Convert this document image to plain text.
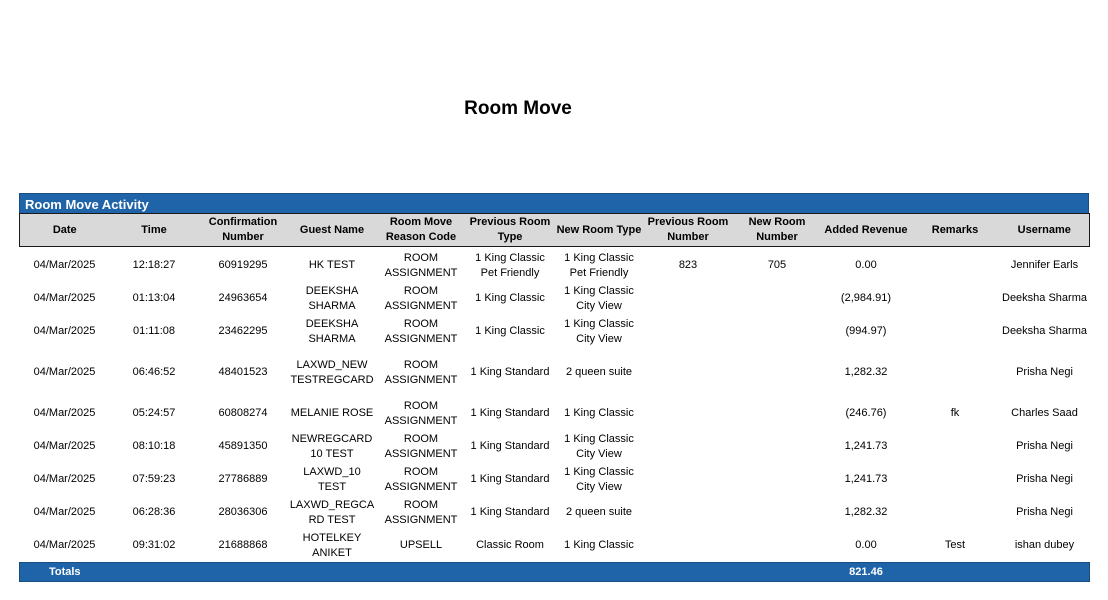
Room Move
Room Move Activity
Date	Time	Confirmation Number	Guest Name	Room Move Reason Code	Previous Room Type	New Room Type	Previous Room Number	New Room Number	Added Revenue	Remarks	Username

04/Mar/2025	12:18:27	60919295	HK TEST	ROOM ASSIGNMENT	1 King Classic Pet Friendly	1 King Classic Pet Friendly	823	705	0.00		Jennifer Earls
04/Mar/2025	01:13:04	24963654	DEEKSHA SHARMA	ROOM ASSIGNMENT	1 King Classic	1 King Classic City View			(2,984.91)		Deeksha Sharma
04/Mar/2025	01:11:08	23462295	DEEKSHA SHARMA	ROOM ASSIGNMENT	1 King Classic	1 King Classic City View			(994.97)		Deeksha Sharma
04/Mar/2025	06:46:52	48401523	LAXWD_NEW TESTREGCARD	ROOM ASSIGNMENT	1 King Standard	2 queen suite			1,282.32		Prisha Negi
04/Mar/2025	05:24:57	60808274	MELANIE ROSE	ROOM ASSIGNMENT	1 King Standard	1 King Classic			(246.76)	fk	Charles Saad
04/Mar/2025	08:10:18	45891350	NEWREGCARD10 TEST	ROOM ASSIGNMENT	1 King Standard	1 King Classic City View			1,241.73		Prisha Negi
04/Mar/2025	07:59:23	27786889	LAXWD_10 TEST	ROOM ASSIGNMENT	1 King Standard	1 King Classic City View			1,241.73		Prisha Negi
04/Mar/2025	06:28:36	28036306	LAXWD_REGCARD TEST	ROOM ASSIGNMENT	1 King Standard	2 queen suite			1,282.32		Prisha Negi
04/Mar/2025	09:31:02	21688868	HOTELKEY ANIKET	UPSELL	Classic Room	1 King Classic			0.00	Test	ishan dubey
Totals									821.46		
